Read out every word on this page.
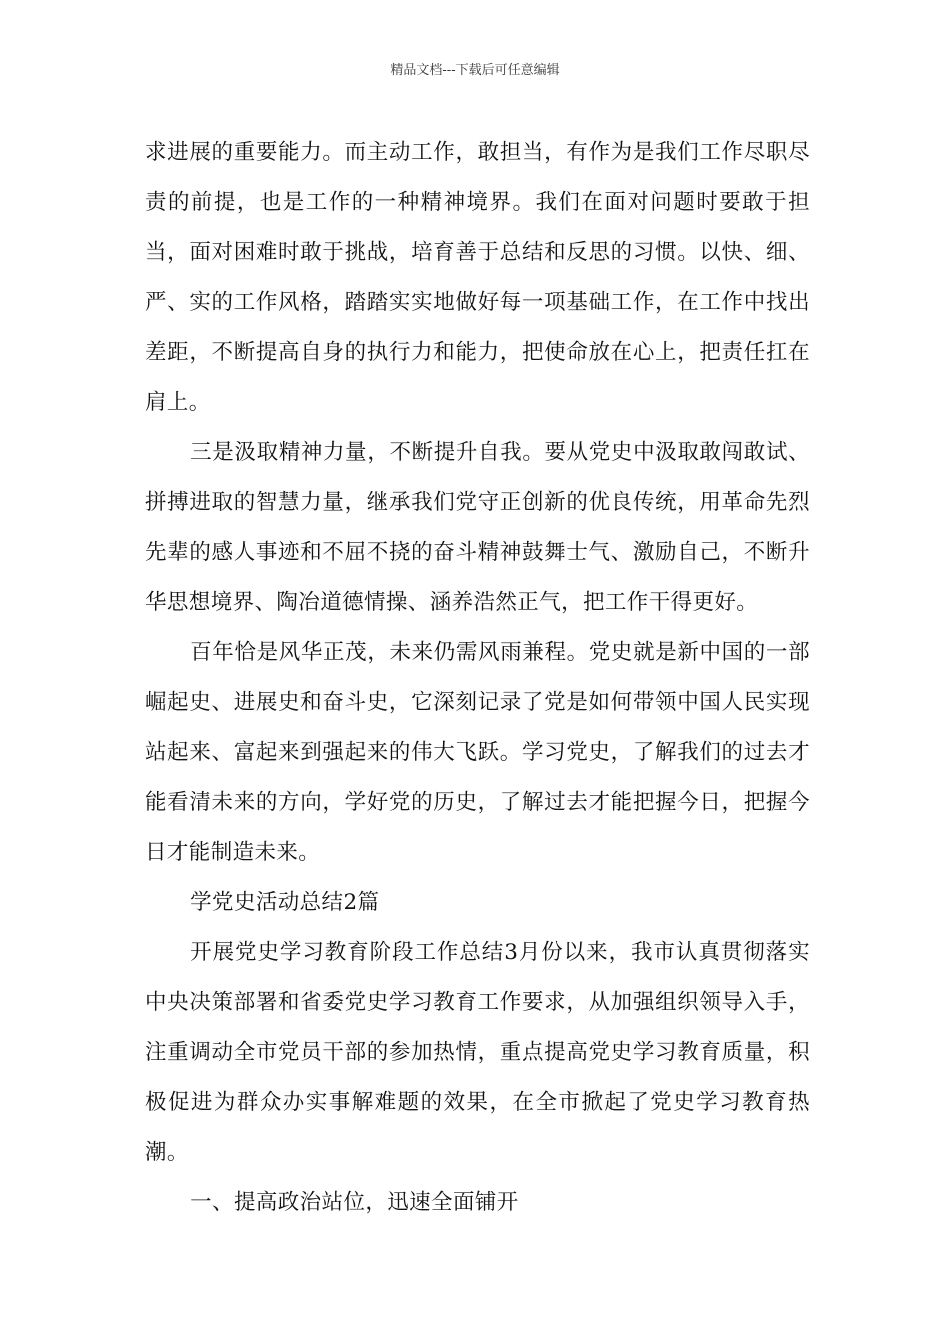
精品文档---下载后可任意编辑

求进展的重要能力。而主动工作，敢担当，有作为是我们工作尽职尽责的前提，也是工作的一种精神境界。我们在面对问题时要敢于担当，面对困难时敢于挑战，培育善于总结和反思的习惯。以快、细、严、实的工作风格，踏踏实实地做好每一项基础工作，在工作中找出差距，不断提高自身的执行力和能力，把使命放在心上，把责任扛在肩上。

三是汲取精神力量，不断提升自我。要从党史中汲取敢闯敢试、拼搏进取的智慧力量，继承我们党守正创新的优良传统，用革命先烈先辈的感人事迹和不屈不挠的奋斗精神鼓舞士气、激励自己，不断升华思想境界、陶冶道德情操、涵养浩然正气，把工作干得更好。

百年恰是风华正茂，未来仍需风雨兼程。党史就是新中国的一部崛起史、进展史和奋斗史，它深刻记录了党是如何带领中国人民实现站起来、富起来到强起来的伟大飞跃。学习党史，了解我们的过去才能看清未来的方向，学好党的历史，了解过去才能把握今日，把握今日才能制造未来。

学党史活动总结2篇

开展党史学习教育阶段工作总结3月份以来，我市认真贯彻落实中央决策部署和省委党史学习教育工作要求，从加强组织领导入手，注重调动全市党员干部的参加热情，重点提高党史学习教育质量，积极促进为群众办实事解难题的效果，在全市掀起了党史学习教育热潮。

一、提高政治站位，迅速全面铺开
